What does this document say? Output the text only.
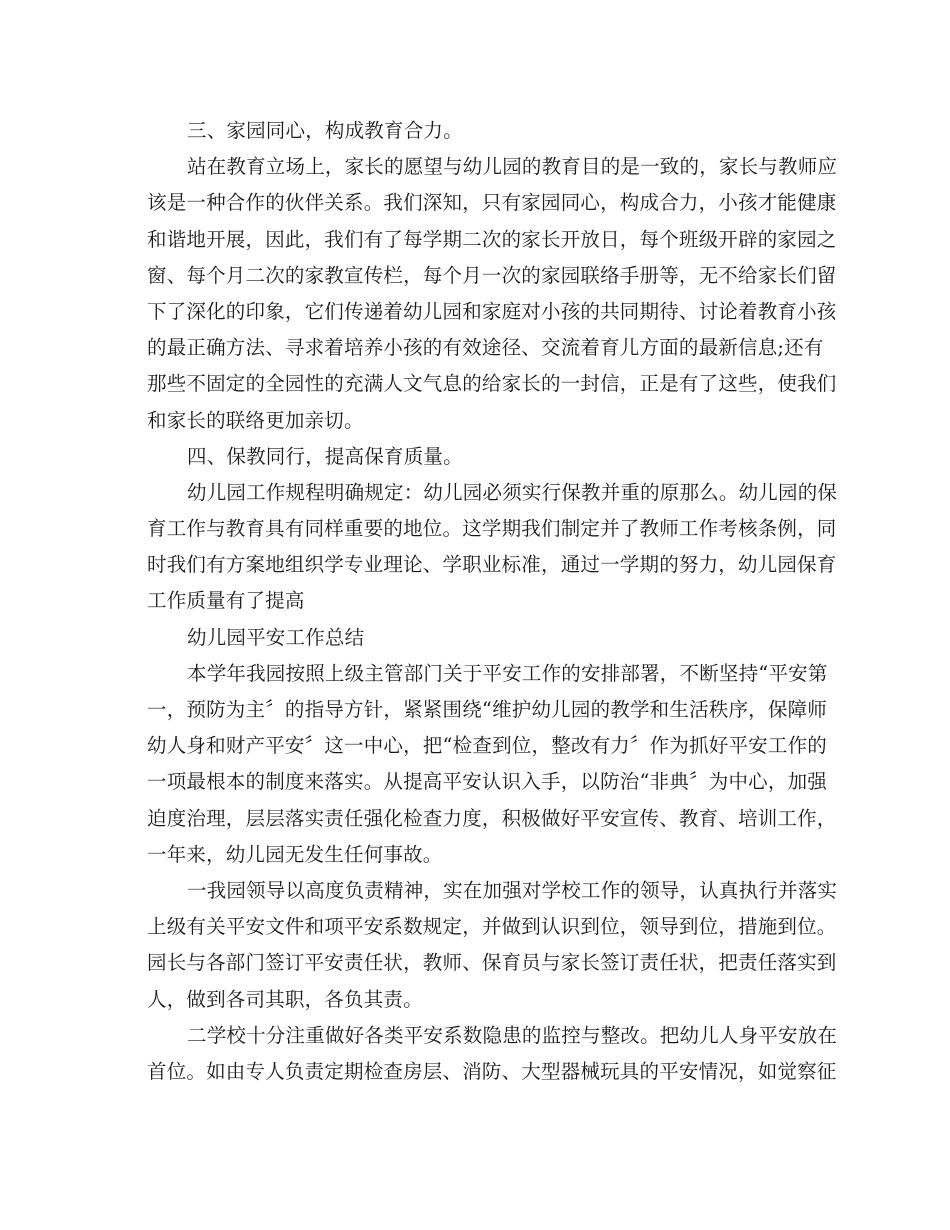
三、家园同心，构成教育合力。
站在教育立场上，家长的愿望与幼儿园的教育目的是一致的，家长与教师应
该是一种合作的伙伴关系。我们深知，只有家园同心，构成合力，小孩才能健康
和谐地开展，因此，我们有了每学期二次的家长开放日，每个班级开辟的家园之
窗、每个月二次的家教宣传栏，每个月一次的家园联络手册等，无不给家长们留
下了深化的印象，它们传递着幼儿园和家庭对小孩的共同期待、讨论着教育小孩
的最正确方法、寻求着培养小孩的有效途径、交流着育儿方面的最新信息;还有
那些不固定的全园性的充满人文气息的给家长的一封信，正是有了这些，使我们
和家长的联络更加亲切。
四、保教同行，提高保育质量。
幼儿园工作规程明确规定：幼儿园必须实行保教并重的原那么。幼儿园的保
育工作与教育具有同样重要的地位。这学期我们制定并了教师工作考核条例，同
时我们有方案地组织学专业理论、学职业标准，通过一学期的努力，幼儿园保育
工作质量有了提高
幼儿园平安工作总结
本学年我园按照上级主管部门关于平安工作的安排部署，不断坚持“平安第
一，预防为主〞的指导方针，紧紧围绕“维护幼儿园的教学和生活秩序，保障师
幼人身和财产平安〞这一中心，把“检查到位，整改有力〞作为抓好平安工作的
一项最根本的制度来落实。从提高平安认识入手，以防治“非典〞为中心，加强
迫度治理，层层落实责任强化检查力度，积极做好平安宣传、教育、培训工作，
一年来，幼儿园无发生任何事故。
一我园领导以高度负责精神，实在加强对学校工作的领导，认真执行并落实
上级有关平安文件和项平安系数规定，并做到认识到位，领导到位，措施到位。
园长与各部门签订平安责任状，教师、保育员与家长签订责任状，把责任落实到
人，做到各司其职，各负其责。
二学校十分注重做好各类平安系数隐患的监控与整改。把幼儿人身平安放在
首位。如由专人负责定期检查房层、消防、大型器械玩具的平安情况，如觉察征
